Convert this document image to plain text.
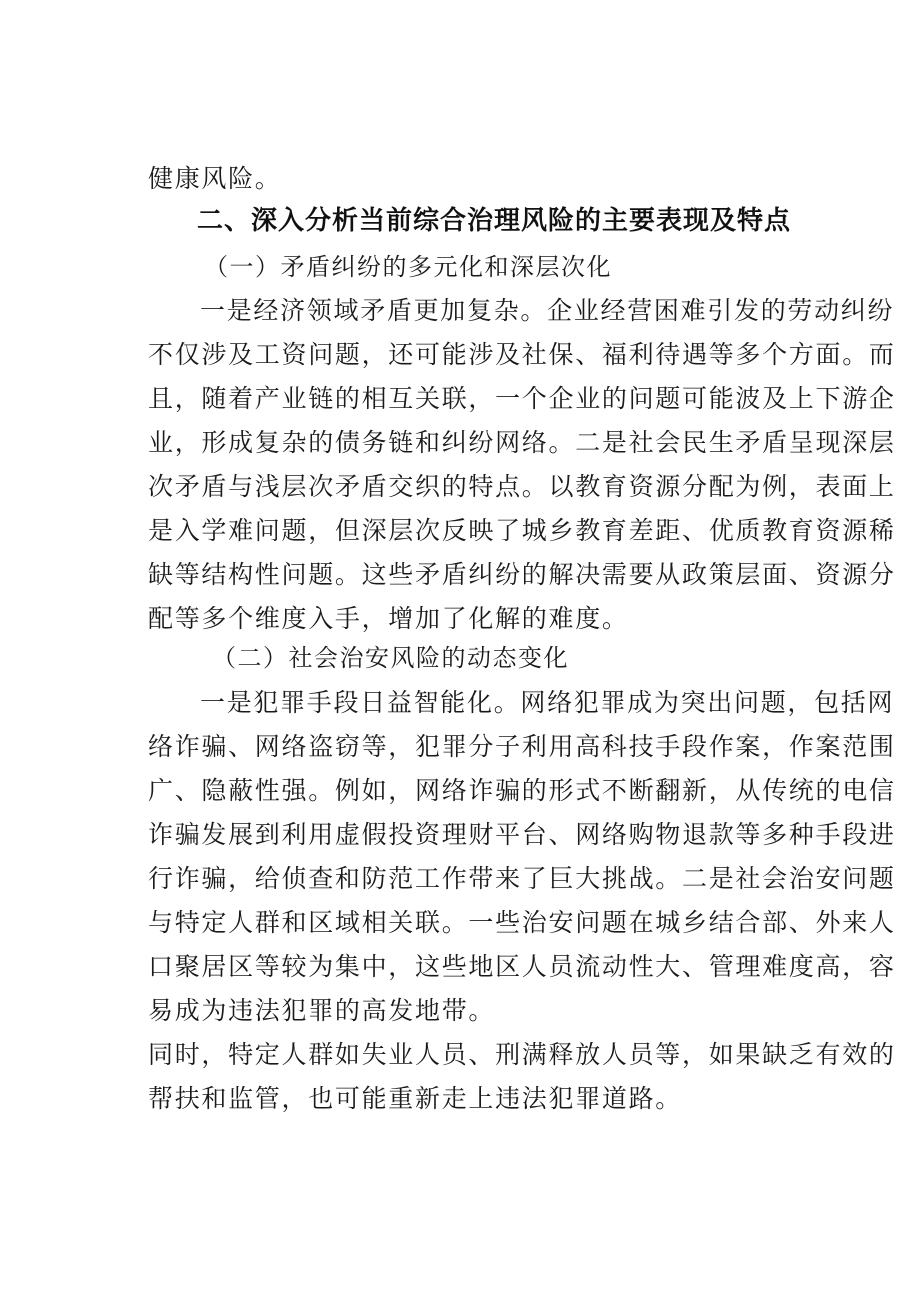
健康风险。
二、深入分析当前综合治理风险的主要表现及特点
（一）矛盾纠纷的多元化和深层次化
一是经济领域矛盾更加复杂。企业经营困难引发的劳动纠纷
不仅涉及工资问题，还可能涉及社保、福利待遇等多个方面。而
且，随着产业链的相互关联，一个企业的问题可能波及上下游企
业，形成复杂的债务链和纠纷网络。二是社会民生矛盾呈现深层
次矛盾与浅层次矛盾交织的特点。以教育资源分配为例，表面上
是入学难问题，但深层次反映了城乡教育差距、优质教育资源稀
缺等结构性问题。这些矛盾纠纷的解决需要从政策层面、资源分
配等多个维度入手，增加了化解的难度。
（二）社会治安风险的动态变化
一是犯罪手段日益智能化。网络犯罪成为突出问题，包括网
络诈骗、网络盗窃等，犯罪分子利用高科技手段作案，作案范围
广、隐蔽性强。例如，网络诈骗的形式不断翻新，从传统的电信
诈骗发展到利用虚假投资理财平台、网络购物退款等多种手段进
行诈骗，给侦查和防范工作带来了巨大挑战。二是社会治安问题
与特定人群和区域相关联。一些治安问题在城乡结合部、外来人
口聚居区等较为集中，这些地区人员流动性大、管理难度高，容
易成为违法犯罪的高发地带。
同时，特定人群如失业人员、刑满释放人员等，如果缺乏有效的
帮扶和监管，也可能重新走上违法犯罪道路。
